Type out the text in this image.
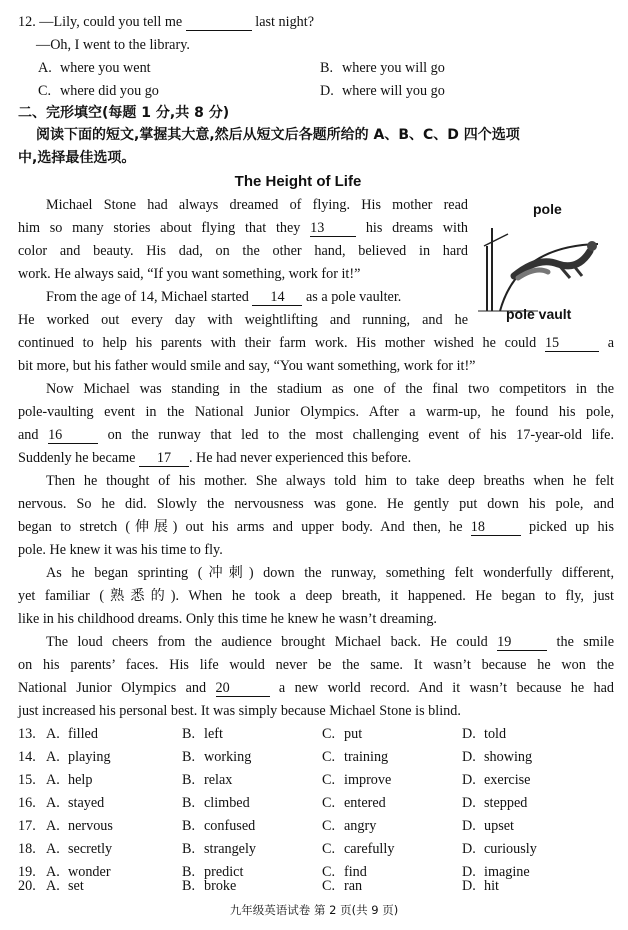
12. —Lily, could you tell me	last night?
—Oh, I went to the library.
A. where you went	B. where you will go
C. where did you go	D. where will you go
二、完形填空(每题 1 分,共 8 分)
阅读下面的短文,掌握其大意,然后从短文后各题所给的 A、B、C、D 四个选项
中,选择最佳选项。
The Height of Life
pole
pole vault
Michael Stone had always dreamed of flying. His mother read
him so many stories about flying that they 13	his dreams with
color and beauty. His dad, on the other hand, believed in hard
work. He always said, “If you want something, work for it!”
From the age of 14, Michael started 14 as a pole vaulter.
He worked out every day with weightlifting and running, and he
continued to help his parents with their farm work. His mother wished he could 15	a
bit more, but his father would smile and say, “You want something, work for it!”
Now Michael was standing in the stadium as one of the final two competitors in the
pole-vaulting event in the National Junior Olympics. After a warm-up, he found his pole,
and 16	on the runway that led to the most challenging event of his 17-year-old life.
Suddenly he became 17 . He had never experienced this before.
Then he thought of his mother. She always told him to take deep breaths when he felt
nervous. So he did. Slowly the nervousness was gone. He gently put down his pole, and
began to stretch (伸展) out his arms and upper body. And then, he 18	picked up his
pole. He knew it was his time to fly.
As he began sprinting (冲刺) down the runway, something felt wonderfully different,
yet familiar (熟悉的). When he took a deep breath, it happened. He began to fly, just
like in his childhood dreams. Only this time he knew he wasn’t dreaming.
The loud cheers from the audience brought Michael back. He could 19	the smile
on his parents’ faces. His life would never be the same. It wasn’t because he won the
National Junior Olympics and 20	a new world record. And it wasn’t because he had
just increased his personal best. It was simply because Michael Stone is blind.
13. A. filled	B. left	C. put	D. told
14. A. playing	B. working	C. training	D. showing
15. A. help	B. relax	C. improve	D. exercise
16. A. stayed	B. climbed	C. entered	D. stepped
17. A. nervous	B. confused	C. angry	D. upset
18. A. secretly	B. strangely	C. carefully	D. curiously
19. A. wonder	B. predict	C. find	D. imagine
20. A. set	B. broke	C. ran	D. hit
九年级英语试卷 第 2 页(共 9 页)
